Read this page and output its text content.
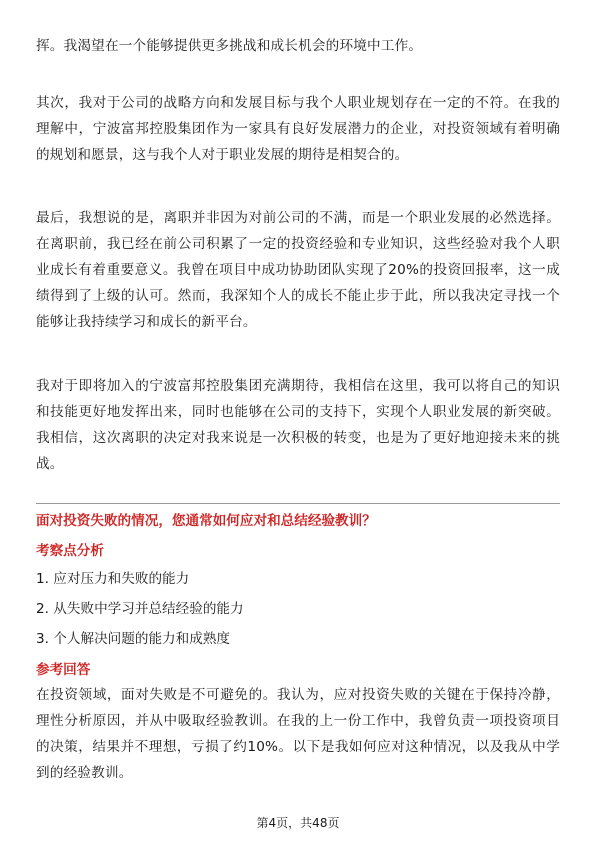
挥。我渴望在一个能够提供更多挑战和成长机会的环境中工作。

其次，我对于公司的战略方向和发展目标与我个人职业规划存在一定的不符。在我的理解中，宁波富邦控股集团作为一家具有良好发展潜力的企业，对投资领域有着明确的规划和愿景，这与我个人对于职业发展的期待是相契合的。

最后，我想说的是，离职并非因为对前公司的不满，而是一个职业发展的必然选择。在离职前，我已经在前公司积累了一定的投资经验和专业知识，这些经验对我个人职业成长有着重要意义。我曾在项目中成功协助团队实现了20%的投资回报率，这一成绩得到了上级的认可。然而，我深知个人的成长不能止步于此，所以我决定寻找一个能够让我持续学习和成长的新平台。

我对于即将加入的宁波富邦控股集团充满期待，我相信在这里，我可以将自己的知识和技能更好地发挥出来，同时也能够在公司的支持下，实现个人职业发展的新突破。我相信，这次离职的决定对我来说是一次积极的转变，也是为了更好地迎接未来的挑战。

面对投资失败的情况，您通常如何应对和总结经验教训？

考察点分析

1. 应对压力和失败的能力
2. 从失败中学习并总结经验的能力
3. 个人解决问题的能力和成熟度

参考回答

在投资领域，面对失败是不可避免的。我认为，应对投资失败的关键在于保持冷静，理性分析原因，并从中吸取经验教训。在我的上一份工作中，我曾负责一项投资项目的决策，结果并不理想，亏损了约10%。以下是我如何应对这种情况，以及我从中学到的经验教训。

第4页，共48页
